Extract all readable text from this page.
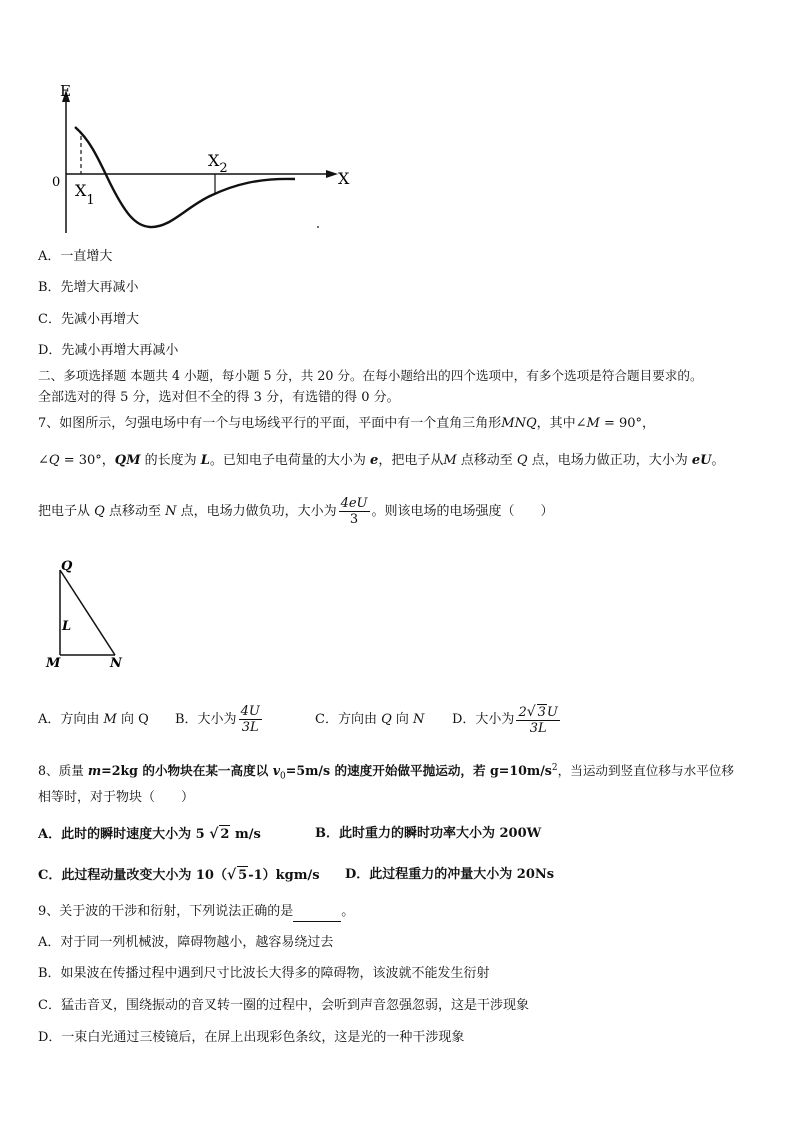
E
X
0 $X_1$
$X_2$
A．一直增大
B．先增大再减小
C．先减小再增大
D．先减小再增大再减小
二、多项选择题 本题共 4 小题，每小题 5 分，共 20 分。在每小题给出的四个选项中，有多个选项是符合题目要求的。
全部选对的得 5 分，选对但不全的得 3 分，有选错的得 0 分。
7、如图所示，匀强电场中有一个与电场线平行的平面，平面中有一个直角三角形MNQ，其中∠M = 90°，
∠Q = 30°，QM 的长度为 L。已知电子电荷量的大小为 e，把电子从M 点移动至 Q 点，电场力做正功，大小为 eU。
把电子从 Q 点移动至 N 点，电场力做负功，大小为 $\frac{4eU}{3}$ 。则该电场的电场强度（　　）
Q
L
M	N
A．方向由 M 向 Q B．大小为 $\frac{4U}{3L}$	C．方向由 Q 向 N D．大小为 $\frac{2√ 3U}{3L}$
8、质量 m=2kg 的小物块在某一高度以 $v_0=5m/s$ 的速度开始做平抛运动，若 $g=10m/s^2$，当运动到竖直位移与水平位移
相等时，对于物块（　　）
A．此时的瞬时速度大小为 5 √ 2 m/s	B．此时重力的瞬时功率大小为 200W
C．此过程动量改变大小为 10（√ 5-1）kgm/s D．此过程重力的冲量大小为 20Ns
9、关于波的干涉和衍射，下列说法正确的是	。
A．对于同一列机械波，障碍物越小，越容易绕过去
B．如果波在传播过程中遇到尺寸比波长大得多的障碍物，该波就不能发生衍射
C．猛击音叉，围绕振动的音叉转一圈的过程中，会听到声音忽强忽弱，这是干涉现象
D．一束白光通过三棱镜后，在屏上出现彩色条纹，这是光的一种干涉现象
